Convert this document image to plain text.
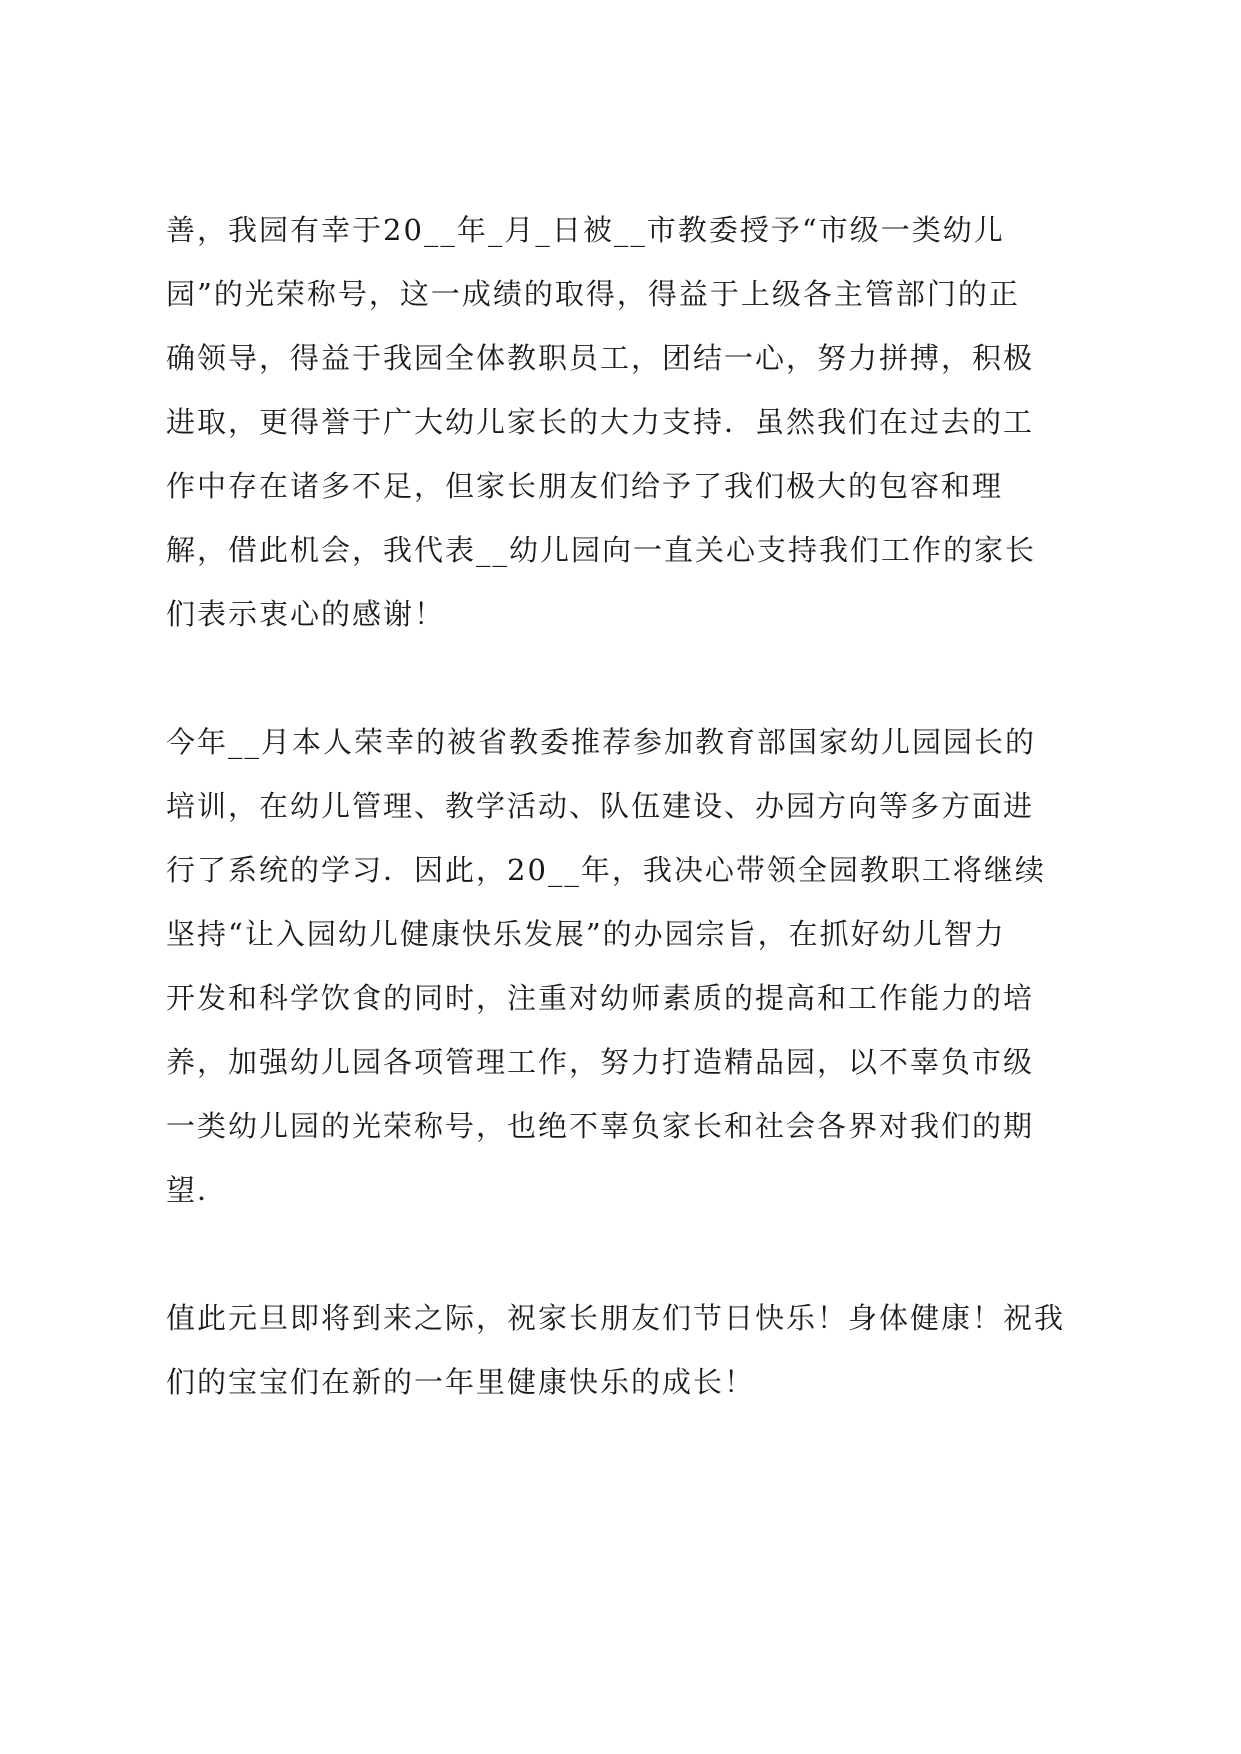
善，我园有幸于20__年_月_日被__市教委授予“市级一类幼儿
园”的光荣称号，这一成绩的取得，得益于上级各主管部门的正
确领导，得益于我园全体教职员工，团结一心，努力拼搏，积极
进取，更得誉于广大幼儿家长的大力支持．虽然我们在过去的工
作中存在诸多不足，但家长朋友们给予了我们极大的包容和理
解，借此机会，我代表__幼儿园向一直关心支持我们工作的家长
们表示衷心的感谢！
今年__月本人荣幸的被省教委推荐参加教育部国家幼儿园园长的
培训，在幼儿管理、教学活动、队伍建设、办园方向等多方面进
行了系统的学习．因此，20__年，我决心带领全园教职工将继续
坚持“让入园幼儿健康快乐发展”的办园宗旨，在抓好幼儿智力
开发和科学饮食的同时，注重对幼师素质的提高和工作能力的培
养，加强幼儿园各项管理工作，努力打造精品园，以不辜负市级
一类幼儿园的光荣称号，也绝不辜负家长和社会各界对我们的期
望．
值此元旦即将到来之际，祝家长朋友们节日快乐！身体健康！祝我
们的宝宝们在新的一年里健康快乐的成长！
